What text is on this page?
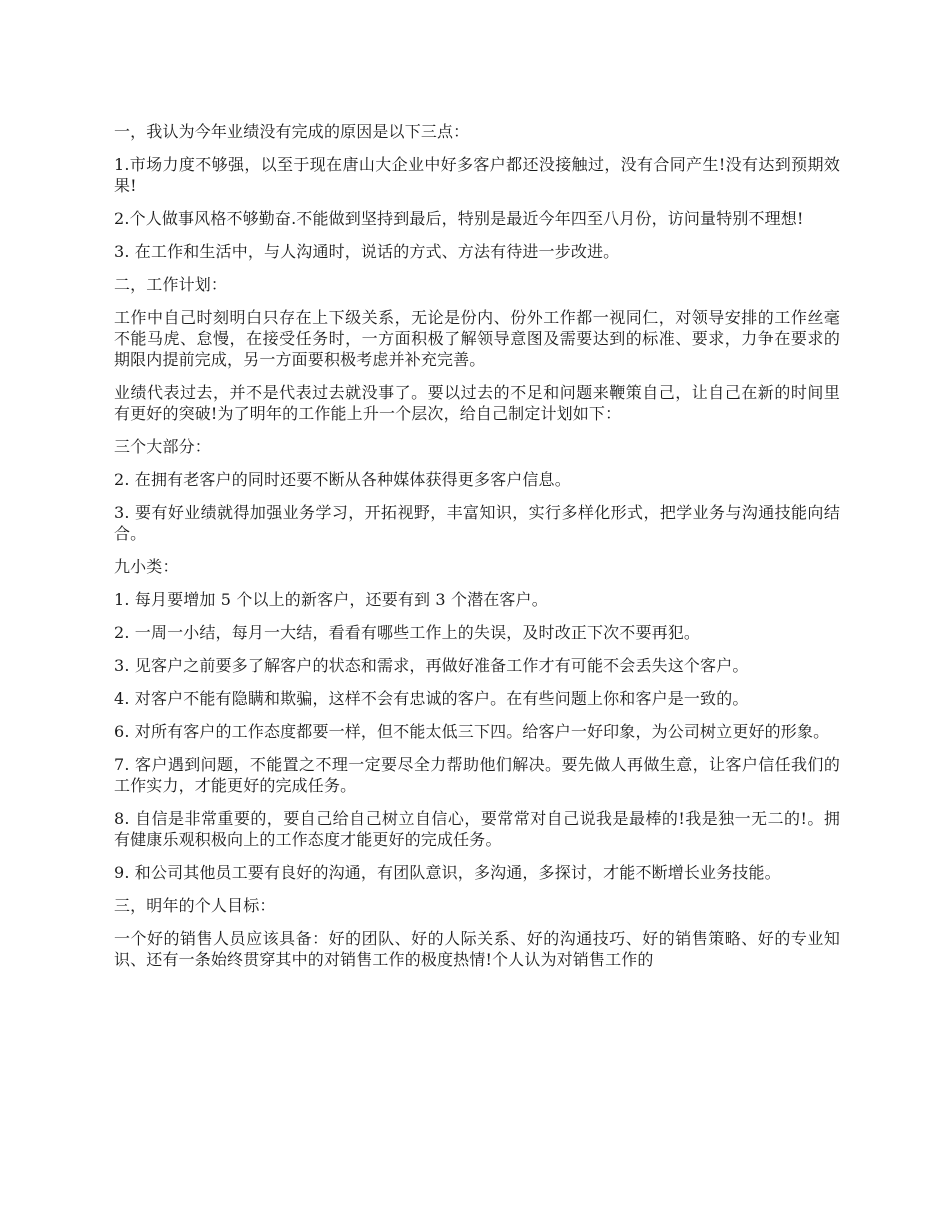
一，我认为今年业绩没有完成的原因是以下三点：

1.市场力度不够强，以至于现在唐山大企业中好多客户都还没接触过，没有合同产生!没有达到预期效果!

2.个人做事风格不够勤奋.不能做到坚持到最后，特别是最近今年四至八月份，访问量特别不理想!

3. 在工作和生活中，与人沟通时，说话的方式、方法有待进一步改进。

二，工作计划：

工作中自己时刻明白只存在上下级关系，无论是份内、份外工作都一视同仁，对领导安排的工作丝毫不能马虎、怠慢，在接受任务时，一方面积极了解领导意图及需要达到的标准、要求，力争在要求的期限内提前完成，另一方面要积极考虑并补充完善。

业绩代表过去，并不是代表过去就没事了。要以过去的不足和问题来鞭策自己，让自己在新的时间里有更好的突破!为了明年的工作能上升一个层次，给自己制定计划如下：

三个大部分：

2. 在拥有老客户的同时还要不断从各种媒体获得更多客户信息。

3. 要有好业绩就得加强业务学习，开拓视野，丰富知识，实行多样化形式，把学业务与沟通技能向结合。

九小类：

1. 每月要增加 5 个以上的新客户，还要有到 3 个潜在客户。

2. 一周一小结，每月一大结，看看有哪些工作上的失误，及时改正下次不要再犯。

3. 见客户之前要多了解客户的状态和需求，再做好准备工作才有可能不会丢失这个客户。

4. 对客户不能有隐瞒和欺骗，这样不会有忠诚的客户。在有些问题上你和客户是一致的。

6. 对所有客户的工作态度都要一样，但不能太低三下四。给客户一好印象，为公司树立更好的形象。

7. 客户遇到问题，不能置之不理一定要尽全力帮助他们解决。要先做人再做生意，让客户信任我们的工作实力，才能更好的完成任务。

8. 自信是非常重要的，要自己给自己树立自信心，要常常对自己说我是最棒的!我是独一无二的!。拥有健康乐观积极向上的工作态度才能更好的完成任务。

9. 和公司其他员工要有良好的沟通，有团队意识，多沟通，多探讨，才能不断增长业务技能。

三，明年的个人目标：

一个好的销售人员应该具备：好的团队、好的人际关系、好的沟通技巧、好的销售策略、好的专业知识、还有一条始终贯穿其中的对销售工作的极度热情!个人认为对销售工作的
